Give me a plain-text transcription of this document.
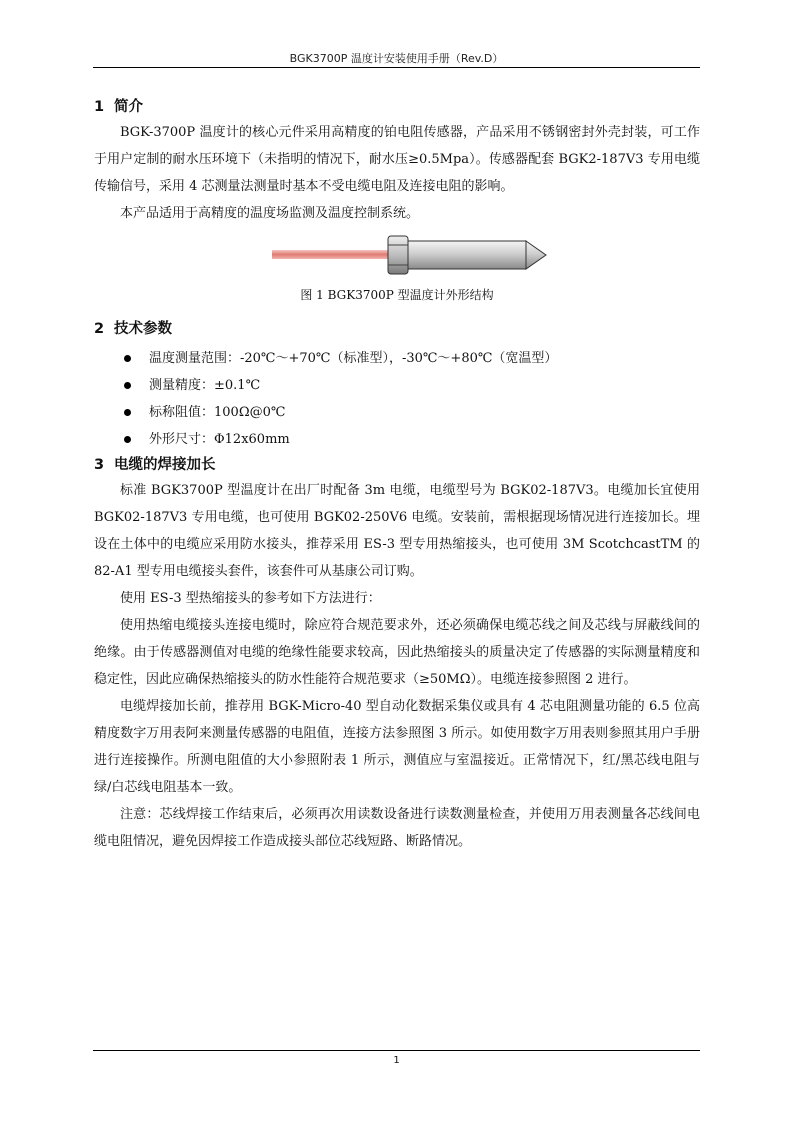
BGK3700P 温度计安装使用手册（Rev.D）
1 简介

BGK-3700P 温度计的核心元件采用高精度的铂电阻传感器，产品采用不锈钢密封外壳封装，可工作于用户定制的耐水压环境下（未指明的情况下，耐水压≥0.5Mpa）。传感器配套 BGK2-187V3 专用电缆传输信号，采用 4 芯测量法测量时基本不受电缆电阻及连接电阻的影响。

本产品适用于高精度的温度场监测及温度控制系统。

图 1 BGK3700P 型温度计外形结构
2 技术参数
温度测量范围：-20℃～+70℃（标准型），-30℃～+80℃（宽温型）
测量精度：±0.1℃
标称阻值：100Ω@0℃
外形尺寸：Φ12x60mm
3 电缆的焊接加长

标准 BGK3700P 型温度计在出厂时配备 3m 电缆，电缆型号为 BGK02-187V3。电缆加长宜使用 BGK02-187V3 专用电缆，也可使用 BGK02-250V6 电缆。安装前，需根据现场情况进行连接加长。埋设在土体中的电缆应采用防水接头，推荐采用 ES-3 型专用热缩接头，也可使用 3M ScotchcastTM 的 82-A1 型专用电缆接头套件，该套件可从基康公司订购。

使用 ES-3 型热缩接头的参考如下方法进行：

使用热缩电缆接头连接电缆时，除应符合规范要求外，还必须确保电缆芯线之间及芯线与屏蔽线间的绝缘。由于传感器测值对电缆的绝缘性能要求较高，因此热缩接头的质量决定了传感器的实际测量精度和稳定性，因此应确保热缩接头的防水性能符合规范要求（≥50MΩ）。电缆连接参照图 2 进行。

电缆焊接加长前，推荐用 BGK-Micro-40 型自动化数据采集仪或具有 4 芯电阻测量功能的 6.5 位高精度数字万用表阿来测量传感器的电阻值，连接方法参照图 3 所示。如使用数字万用表则参照其用户手册进行连接操作。所测电阻值的大小参照附表 1 所示，测值应与室温接近。正常情况下，红/黑芯线电阻与绿/白芯线电阻基本一致。

注意：芯线焊接工作结束后，必须再次用读数设备进行读数测量检查，并使用万用表测量各芯线间电缆电阻情况，避免因焊接工作造成接头部位芯线短路、断路情况。

1
